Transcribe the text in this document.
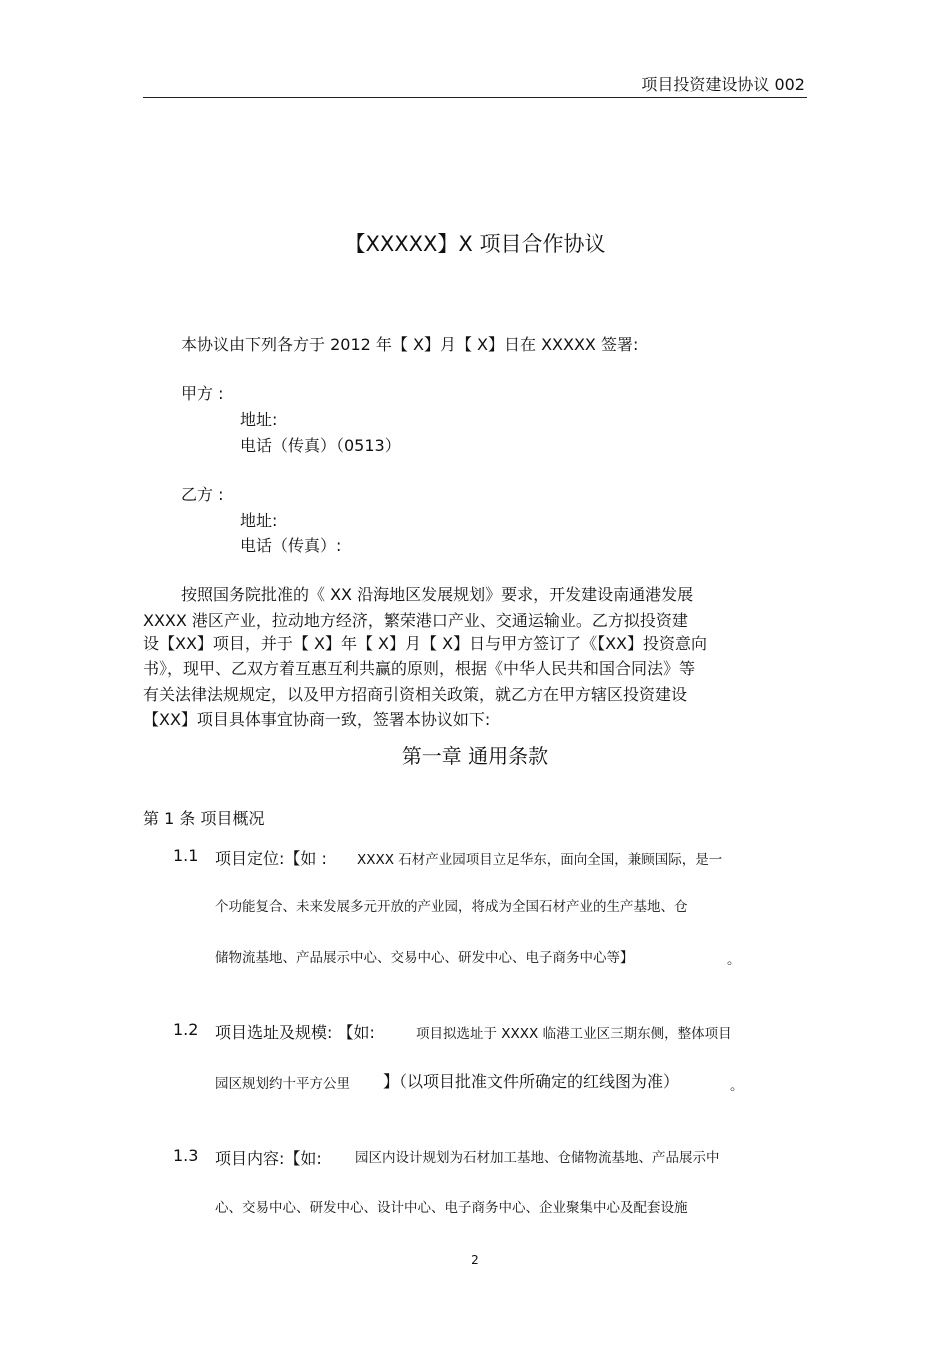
项目投资建设协议 002
【XXXXX】X 项目合作协议
本协议由下列各方于 2012 年【 X】月【 X】日在 XXXXX 签署:
甲方 :
地址:
电话（传真）（0513）
乙方 :
地址:
电话（传真）:
按照国务院批准的《 XX 沿海地区发展规划》要求，开发建设南通港发展
XXXX 港区产业，拉动地方经济，繁荣港口产业、交通运输业。乙方拟投资建
设【XX】项目，并于【 X】年【 X】月【 X】日与甲方签订了《【XX】投资意向
书》，现甲、乙双方着互惠互利共赢的原则，根据《中华人民共和国合同法》等
有关法律法规规定，以及甲方招商引资相关政策，就乙方在甲方辖区投资建设
【XX】项目具体事宜协商一致，签署本协议如下:
第一章 通用条款
第 1 条 项目概况
1.1 项目定位:【如 : XXXX 石材产业园项目立足华东，面向全国，兼顾国际，是一
个功能复合、未来发展多元开放的产业园，将成为全国石材产业的生产基地、仓
储物流基地、产品展示中心、交易中心、研发中心、电子商务中心等】	。
1.2 项目选址及规模: 【如:	项目拟选址于 XXXX 临港工业区三期东侧，整体项目
园区规划约十平方公里 】（以项目批准文件所确定的红线图为准）	。
1.3 项目内容:【如: 园区内设计规划为石材加工基地、仓储物流基地、产品展示中
心、交易中心、研发中心、设计中心、电子商务中心、企业聚集中心及配套设施
2
